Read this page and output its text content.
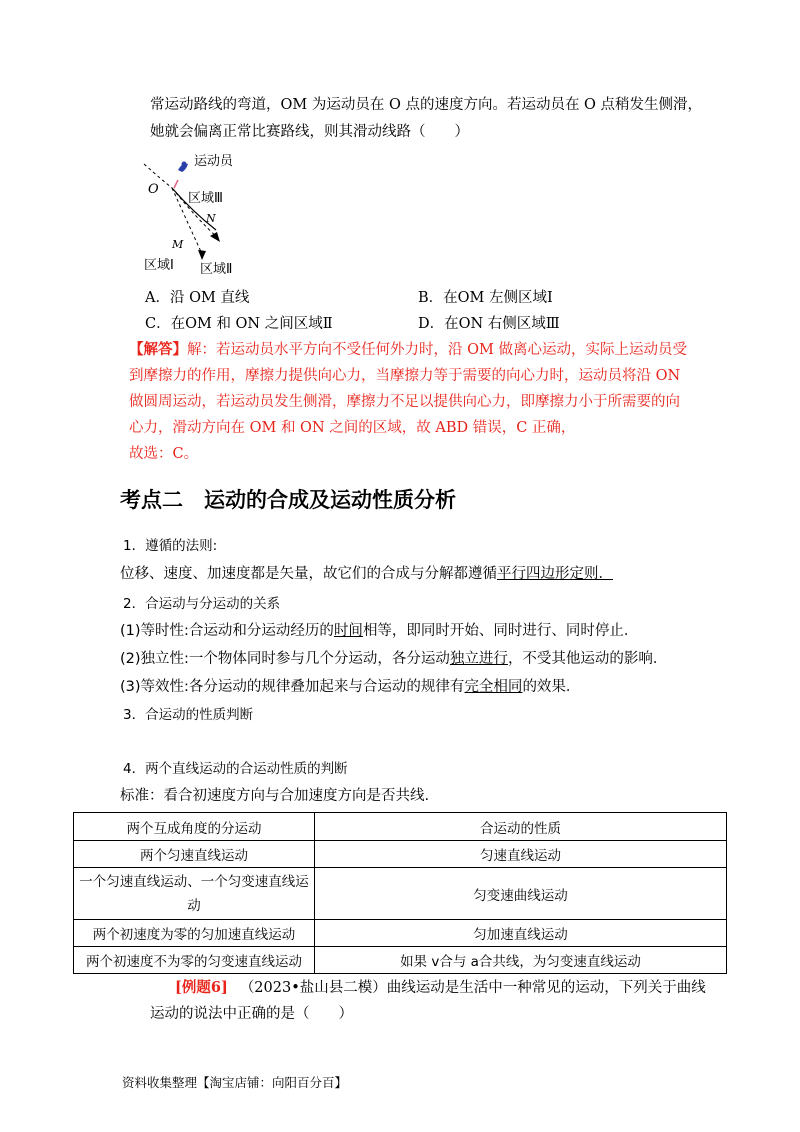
常运动路线的弯道，OM 为运动员在 O 点的速度方向。若运动员在 O 点稍发生侧滑，
她就会偏离正常比赛路线，则其滑动线路（　　）
运动员
区域Ⅲ
区域Ⅰ 区域Ⅱ
O
N
M
A．沿 OM 直线	B．在OM 左侧区域Ⅰ
C．在OM 和 ON 之间区域Ⅱ	D．在ON 右侧区域Ⅲ
【解答】解：若运动员水平方向不受任何外力时，沿 OM 做离心运动，实际上运动员受
到摩擦力的作用，摩擦力提供向心力，当摩擦力等于需要的向心力时，运动员将沿 ON
做圆周运动，若运动员发生侧滑，摩擦力不足以提供向心力，即摩擦力小于所需要的向
心力，滑动方向在 OM 和 ON 之间的区域，故 ABD 错误，C 正确，
故选：C。
考点二　运动的合成及运动性质分析
1．遵循的法则:
位移、速度、加速度都是矢量，故它们的合成与分解都遵循平行四边形定则．
2．合运动与分运动的关系
(1)等时性:合运动和分运动经历的时间相等，即同时开始、同时进行、同时停止．
(2)独立性:一个物体同时参与几个分运动，各分运动独立进行，不受其他运动的影响．
(3)等效性:各分运动的规律叠加起来与合运动的规律有完全相同的效果．
3．合运动的性质判断
4．两个直线运动的合运动性质的判断
标准：看合初速度方向与合加速度方向是否共线.
两个互成角度的分运动	合运动的性质
两个匀速直线运动	匀速直线运动
一个匀速直线运动、一个匀变速直线运动	匀变速曲线运动
两个初速度为零的匀加速直线运动	匀加速直线运动
两个初速度不为零的匀变速直线运动	如果 v合与 a合共线，为匀变速直线运动
[例题6] （2023•盐山县二模）曲线运动是生活中一种常见的运动，下列关于曲线
运动的说法中正确的是（　　）
资料收集整理【淘宝店铺：向阳百分百】
